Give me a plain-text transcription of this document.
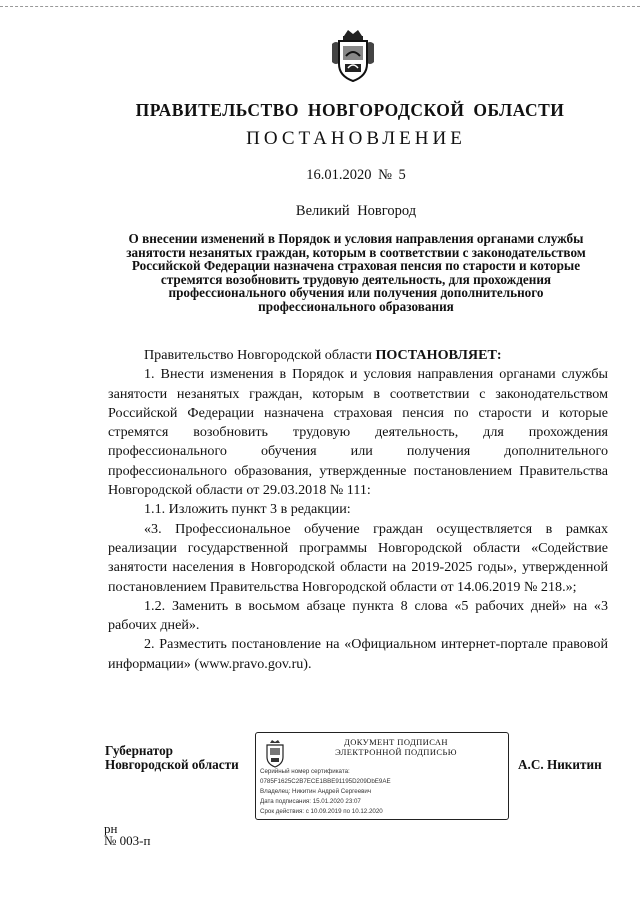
ПРАВИТЕЛЬСТВО НОВГОРОДСКОЙ ОБЛАСТИ
ПОСТАНОВЛЕНИЕ
16.01.2020 № 5
Великий Новгород
О внесении изменений в Порядок и условия направления органами службы занятости незанятых граждан, которым в соответствии с законодательством Российской Федерации назначена страховая пенсия по старости и которые стремятся возобновить трудовую деятельность, для прохождения профессионального обучения или получения дополнительного профессионального образования

Правительство Новгородской области ПОСТАНОВЛЯЕТ:

1. Внести изменения в Порядок и условия направления органами службы занятости незанятых граждан, которым в соответствии с законодательством Российской Федерации назначена страховая пенсия по старости и которые стремятся возобновить трудовую деятельность, для прохождения профессионального обучения или получения дополнительного профессионального образования, утвержденные постановлением Правительства Новгородской области от 29.03.2018 № 111:

1.1. Изложить пункт 3 в редакции:

«3. Профессиональное обучение граждан осуществляется в рамках реализации государственной программы Новгородской области «Содействие занятости населения в Новгородской области на 2019-2025 годы», утвержденной постановлением Правительства Новгородской области от 14.06.2019 № 218.»;

1.2. Заменить в восьмом абзаце пункта 8 слова «5 рабочих дней» на «3 рабочих дней».

2. Разместить постановление на «Официальном интернет-портале правовой информации» (www.pravo.gov.ru).

Губернатор
Новгородской области
ДОКУМЕНТ ПОДПИСАН
ЭЛЕКТРОННОЙ ПОДПИСЬЮ
Серийный номер сертификата:
0785F1625C2B7ECE1BBE91195D209DbE9AE
Владелец: Никитин Андрей Сергеевич
Дата подписания: 15.01.2020 23:07
Срок действия: с 10.09.2019 по 10.12.2020
А.С. Никитин
рн
№ 003-п
